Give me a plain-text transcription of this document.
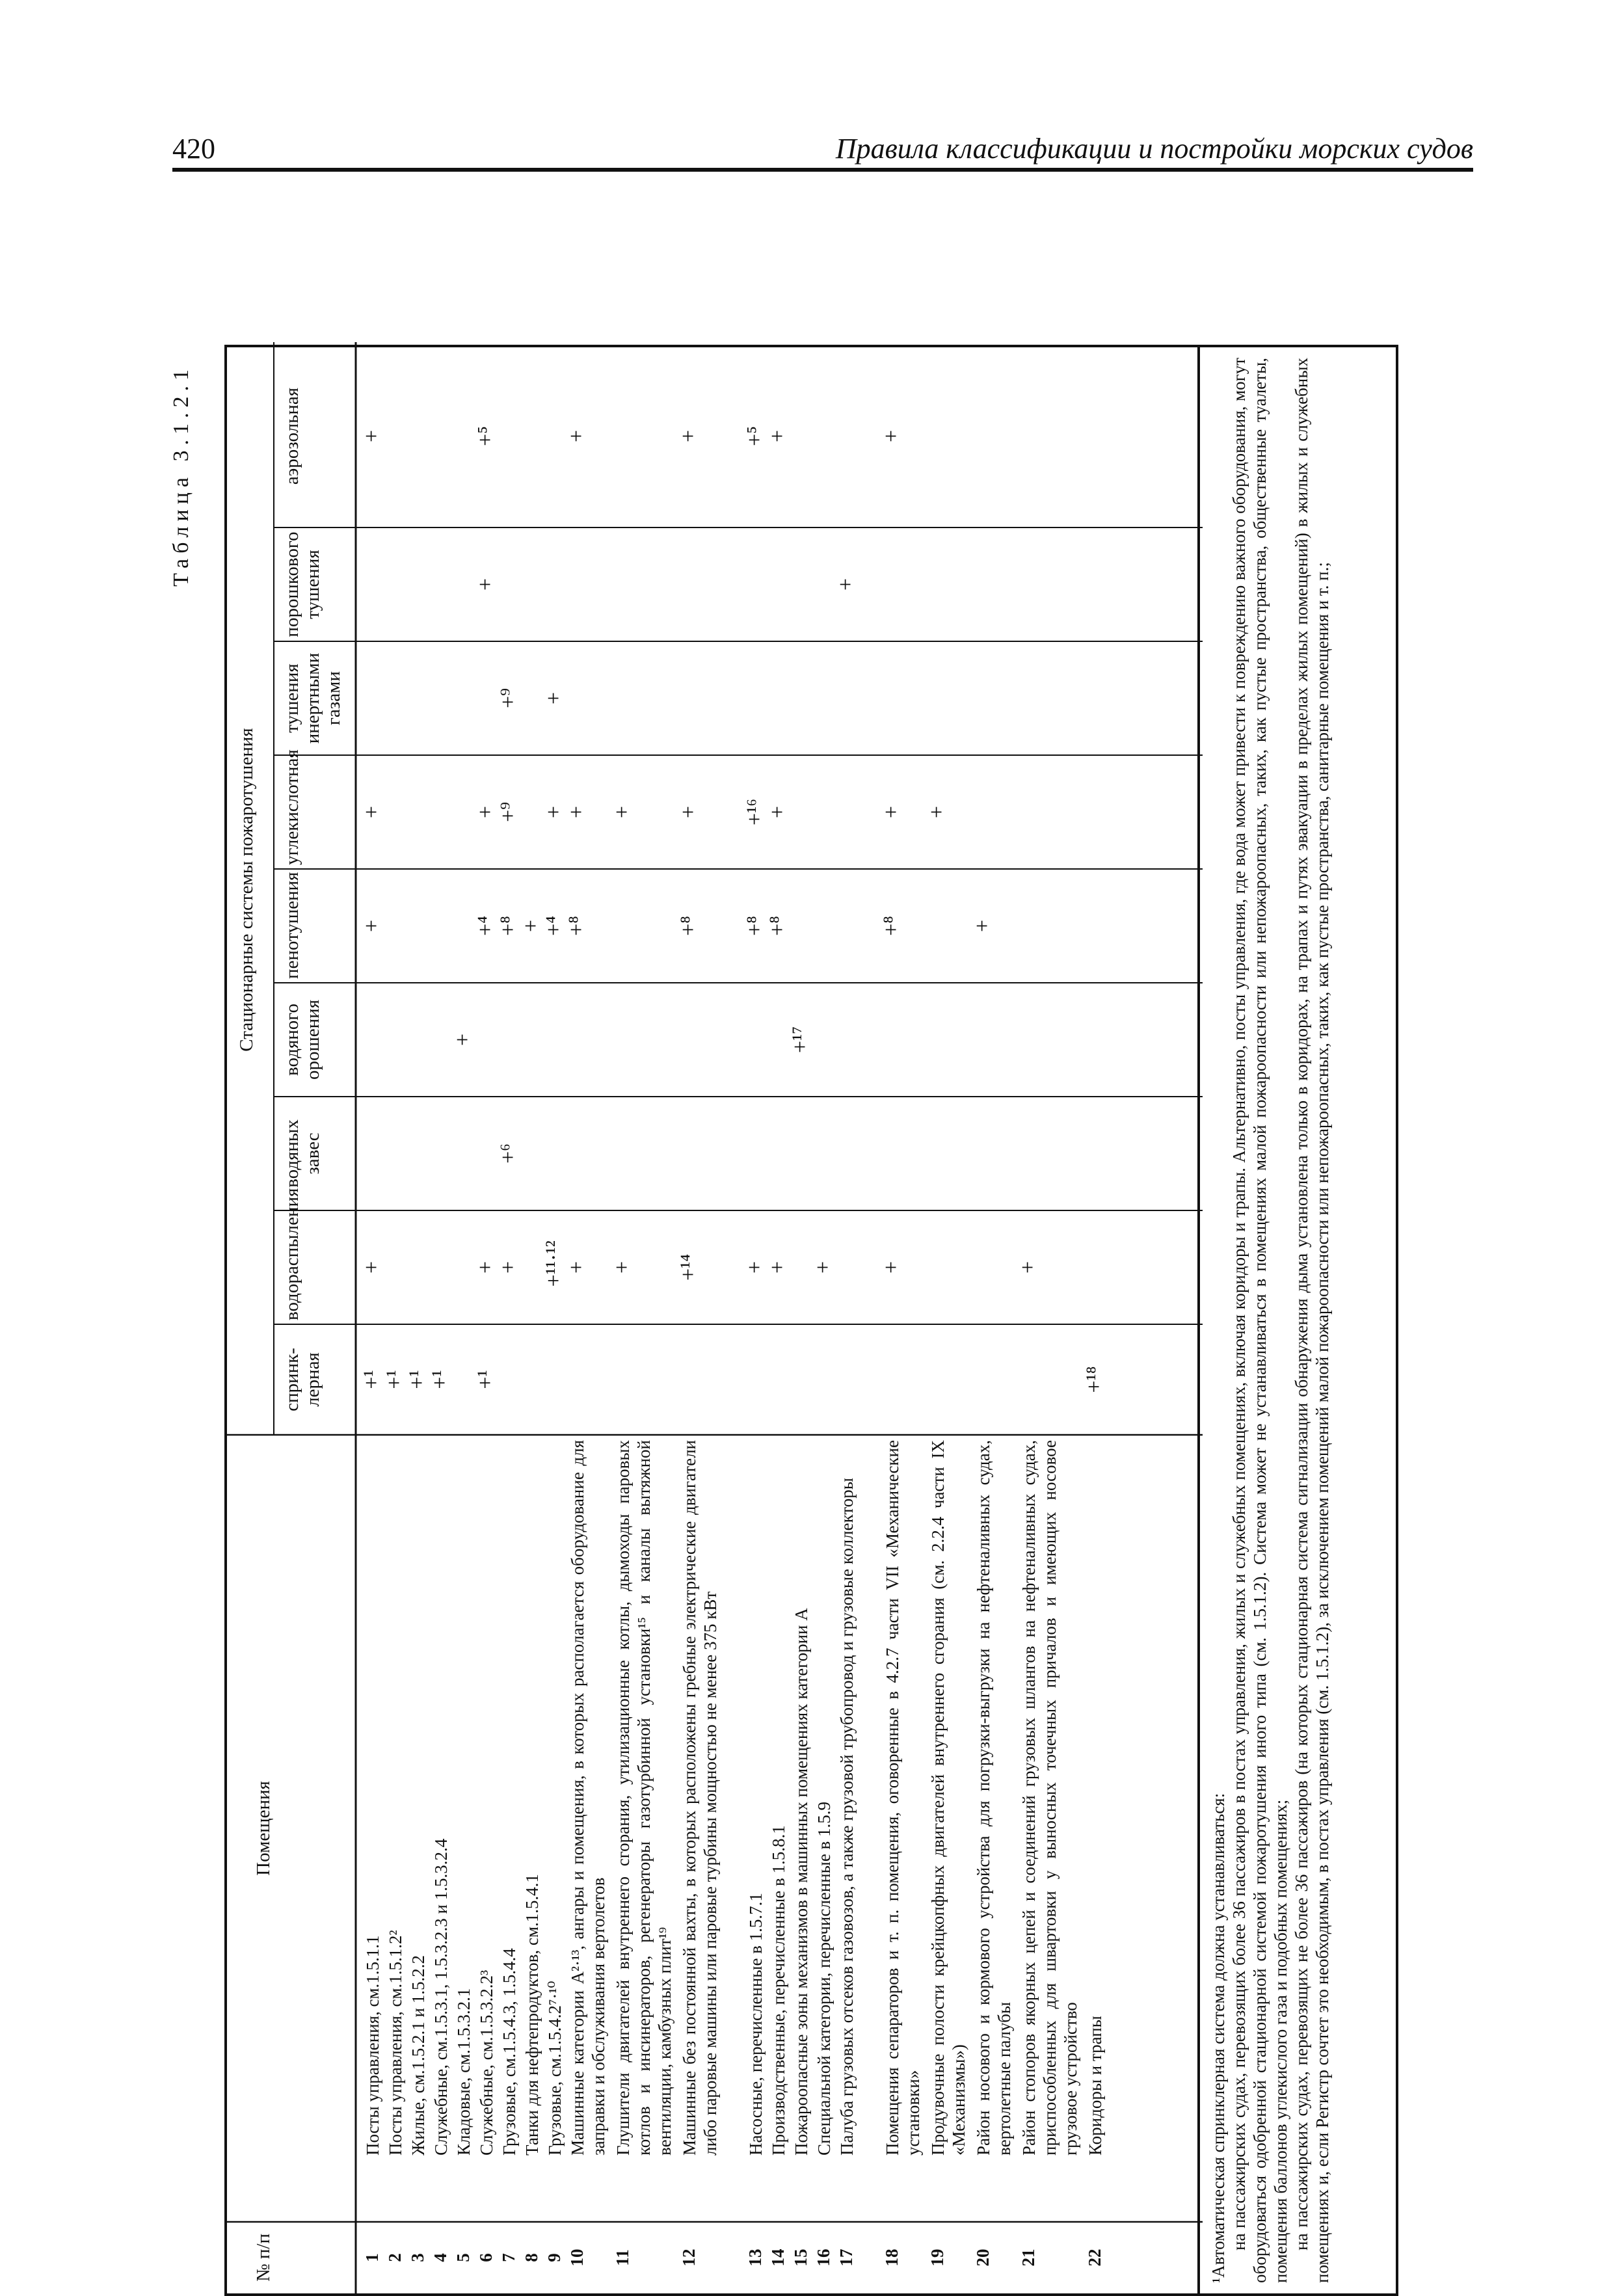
420	Правила классификации и постройки морских судов
Таблица 3.1.2.1
№ п/п
Помещения
Стационарные системы пожаротушения
спринк-лерная
водораспыления
водяных завес
водяного орошения
пенотушения
углекислотная
тушения инертными газами
порошкового тушения
аэрозольная
1
Посты управления, см.1.5.1.1
+¹
+
+
+
+
2
Посты управления, см.1.5.1.2²
+¹
3
Жилые, см.1.5.2.1 и 1.5.2.2
+¹
4
Служебные, см.1.5.3.1, 1.5.3.2.3 и 1.5.3.2.4
+¹
5
Кладовые, см.1.5.3.2.1
+
6
Служебные, см.1.5.3.2.2³
+¹
+
+⁴
+
+
+⁵
7
Грузовые, см.1.5.4.3, 1.5.4.4
+
+⁶
+⁸
+⁹
+⁹
8
Танки для нефтепродуктов, см.1.5.4.1
+
9
Грузовые, см.1.5.4.2⁷·¹⁰
+¹¹·¹²
+⁴
+
+
10
Машинные категории A²·¹³, ангары и помещения, в которых располагается оборудование для заправки и обслуживания вертолетов
+
+⁸
+
+
11
Глушители двигателей внутреннего сгорания, утилизационные котлы, дымоходы паровых котлов и инсинераторов, регенераторы газотурбинной установки¹⁵ и каналы вытяжной вентиляции, камбузных плит¹⁹
+
+
12
Машинные без постоянной вахты, в которых расположены гребные электрические двигатели либо паровые машины или паровые турбины мощностью не менее 375 кВт
+¹⁴
+⁸
+
+
13
Насосные, перечисленные в 1.5.7.1
+
+⁸
+¹⁶
+⁵
14
Производственные, перечисленные в 1.5.8.1
+
+⁸
+
+
15
Пожароопасные зоны механизмов в машинных помещениях категории A
+¹⁷
16
Специальной категории, перечисленные в 1.5.9
+
17
Палуба грузовых отсеков газовозов, а также грузовой трубопровод и грузовые коллекторы
+
18
Помещения сепараторов и т. п. помещения, оговоренные в 4.2.7 части VII «Механические установки»
+
+⁸
+
+
19
Продувочные полости крейцкопфных двигателей внутреннего сгорания (см. 2.2.4 части IX «Механизмы»)
+
20
Район носового и кормового устройства для погрузки-выгрузки на нефтеналивных судах, вертолетные палубы
+
21
Район стопоров якорных цепей и соединений грузовых шлангов на нефтеналивных судах, приспособленных для швартовки у выносных точечных причалов и имеющих носовое грузовое устройство
+
22
Коридоры и трапы
+¹⁸

¹Автоматическая спринклерная система должна устанавливаться: на пассажирских судах, перевозящих более 36 пассажиров в постах управления, жилых и служебных помещениях, включая коридоры и трапы. Альтернативно, посты управления, где вода может привести к повреждению важного оборудования, могут оборудоваться одобренной стационарной системой пожаротушения иного типа (см. 1.5.1.2). Система может не устанавливаться в помещениях малой пожароопасности или непожароопасных, таких, как пустые пространства, общественные туалеты, помещения баллонов углекислого газа и подобных помещениях; на пассажирских судах, перевозящих не более 36 пассажиров (на которых стационарная система сигнализации обнаружения дыма установлена только в коридорах, на трапах и путях эвакуации в пределах жилых помещений) в жилых и служебных помещениях и, если Регистр сочтет это необходимым, в постах управления (см. 1.5.1.2), за исключением помещений малой пожароопасности или непожароопасных, таких, как пустые пространства, санитарные помещения и т. п.;
